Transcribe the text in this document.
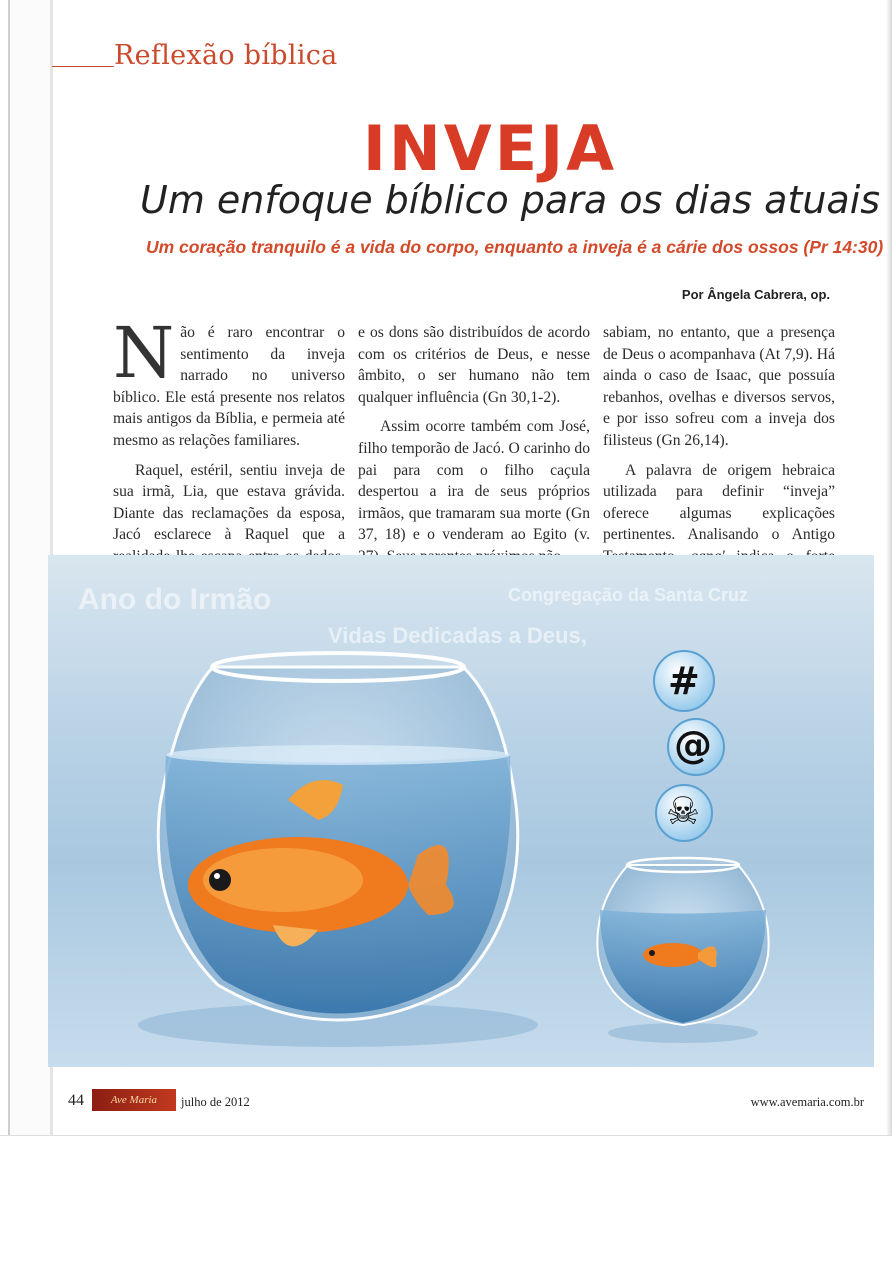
Reflexão bíblica
INVEJA
Um enfoque bíblico para os dias atuais
Um coração tranquilo é a vida do corpo, enquanto a inveja é a cárie dos ossos (Pr 14:30)
Por Ângela Cabrera, op.

Não é raro encontrar o sentimento da inveja narrado no universo bíblico. Ele está presente nos relatos mais antigos da Bíblia, e permeia até mesmo as relações familiares.

Raquel, estéril, sentiu inveja de sua irmã, Lia, que estava grávida. Diante das reclamações da esposa, Jacó esclarece à Raquel que a

e os dons são distribuídos de acordo com os critérios de Deus, e nesse âmbito, o ser humano não tem qualquer influência (Gn 30,1-2).

Assim ocorre também com José, filho temporão de Jacó. O carinho do pai para com o filho caçula despertou a ira de seus próprios irmãos, que tramaram sua morte (Gn 37, 18) e o venderam ao Egito (v.

sabiam, no entanto, que a presença de Deus o acompanhava (At 7,9). Há ainda o caso de Isaac, que possuía rebanhos, ovelhas e diversos servos, e por isso sofreu com a inveja dos filisteus (Gn 26,14).

A palavra de origem hebraica utilizada para definir “inveja” oferece algumas explicações pertinentes. Analisando o Antigo

Ano do Irmão
Vidas Dedicadas a Deus,
Congregação da Santa Cruz
#
@
☠
44	Ave Maria	julho de 2012	www.avemaria.com.br
